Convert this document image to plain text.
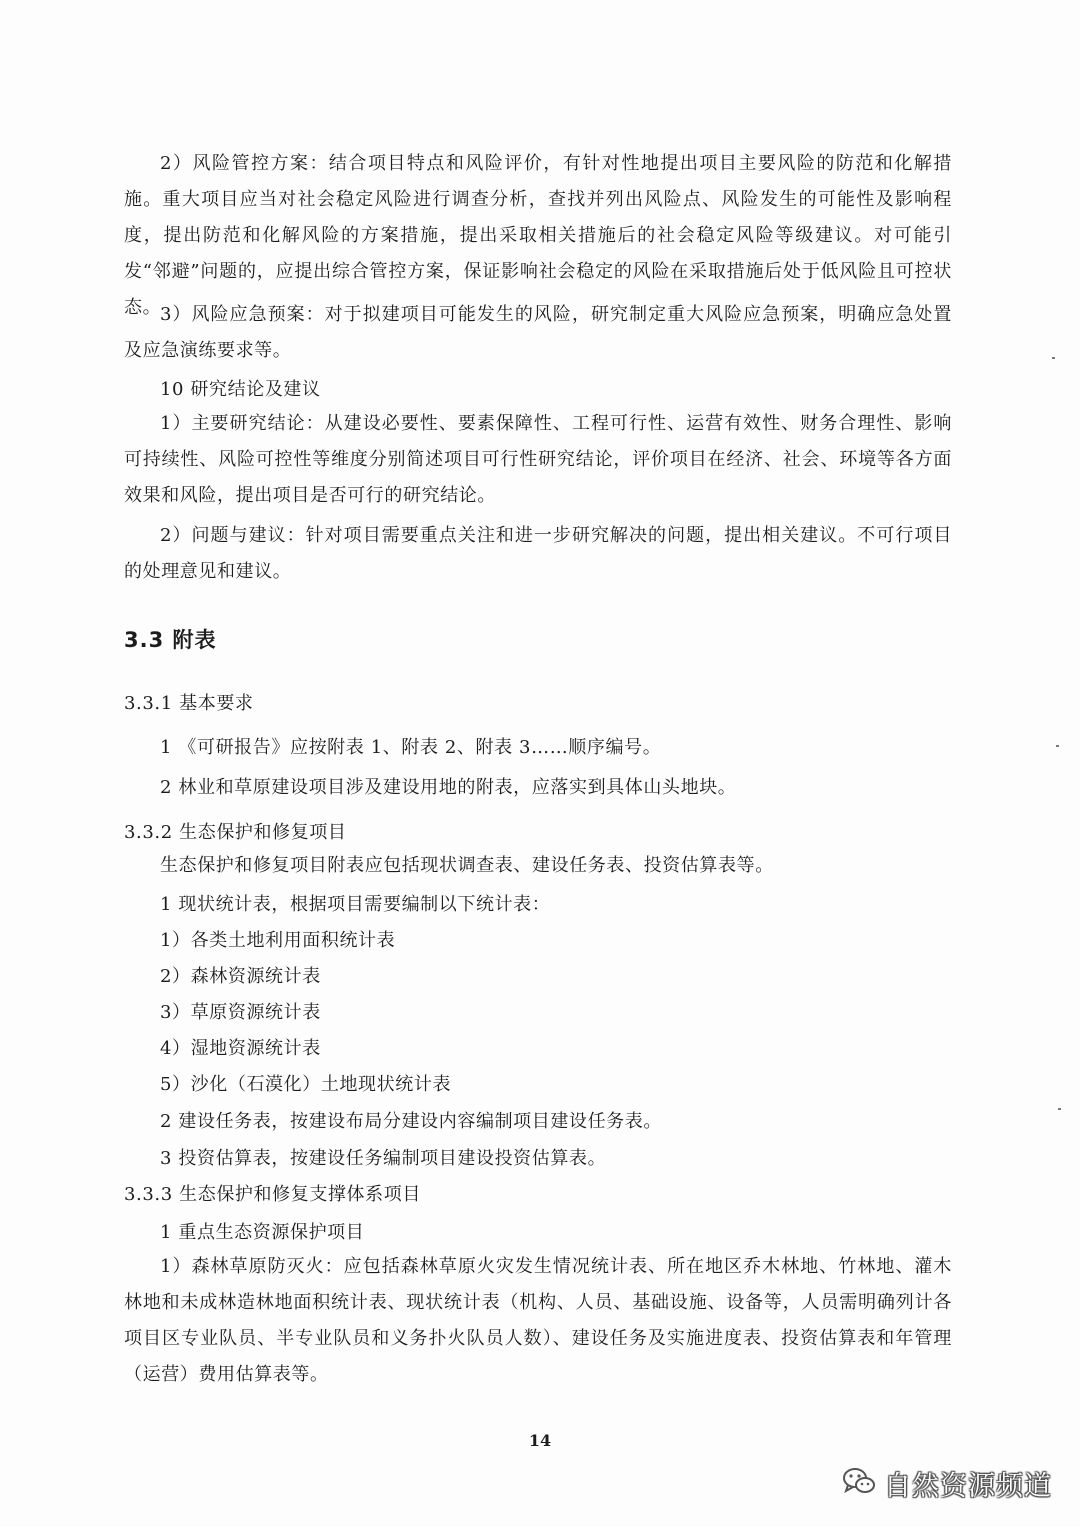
2）风险管控方案：结合项目特点和风险评价，有针对性地提出项目主要风险的防范和化解措施。重大项目应当对社会稳定风险进行调查分析，查找并列出风险点、风险发生的可能性及影响程度，提出防范和化解风险的方案措施，提出采取相关措施后的社会稳定风险等级建议。对可能引发“邻避”问题的，应提出综合管控方案，保证影响社会稳定的风险在采取措施后处于低风险且可控状态。

3）风险应急预案：对于拟建项目可能发生的风险，研究制定重大风险应急预案，明确应急处置及应急演练要求等。

10 研究结论及建议

1）主要研究结论：从建设必要性、要素保障性、工程可行性、运营有效性、财务合理性、影响可持续性、风险可控性等维度分别简述项目可行性研究结论，评价项目在经济、社会、环境等各方面效果和风险，提出项目是否可行的研究结论。

2）问题与建议：针对项目需要重点关注和进一步研究解决的问题，提出相关建议。不可行项目的处理意见和建议。

3.3 附表

3.3.1 基本要求

1 《可研报告》应按附表 1、附表 2、附表 3……顺序编号。

2 林业和草原建设项目涉及建设用地的附表，应落实到具体山头地块。

3.3.2 生态保护和修复项目

生态保护和修复项目附表应包括现状调查表、建设任务表、投资估算表等。

1 现状统计表，根据项目需要编制以下统计表：

1）各类土地利用面积统计表

2）森林资源统计表

3）草原资源统计表

4）湿地资源统计表

5）沙化（石漠化）土地现状统计表

2 建设任务表，按建设布局分建设内容编制项目建设任务表。

3 投资估算表，按建设任务编制项目建设投资估算表。

3.3.3 生态保护和修复支撑体系项目

1 重点生态资源保护项目

1）森林草原防灭火：应包括森林草原火灾发生情况统计表、所在地区乔木林地、竹林地、灌木林地和未成林造林地面积统计表、现状统计表（机构、人员、基础设施、设备等，人员需明确列计各项目区专业队员、半专业队员和义务扑火队员人数）、建设任务及实施进度表、投资估算表和年管理（运营）费用估算表等。

14
自然资源频道
